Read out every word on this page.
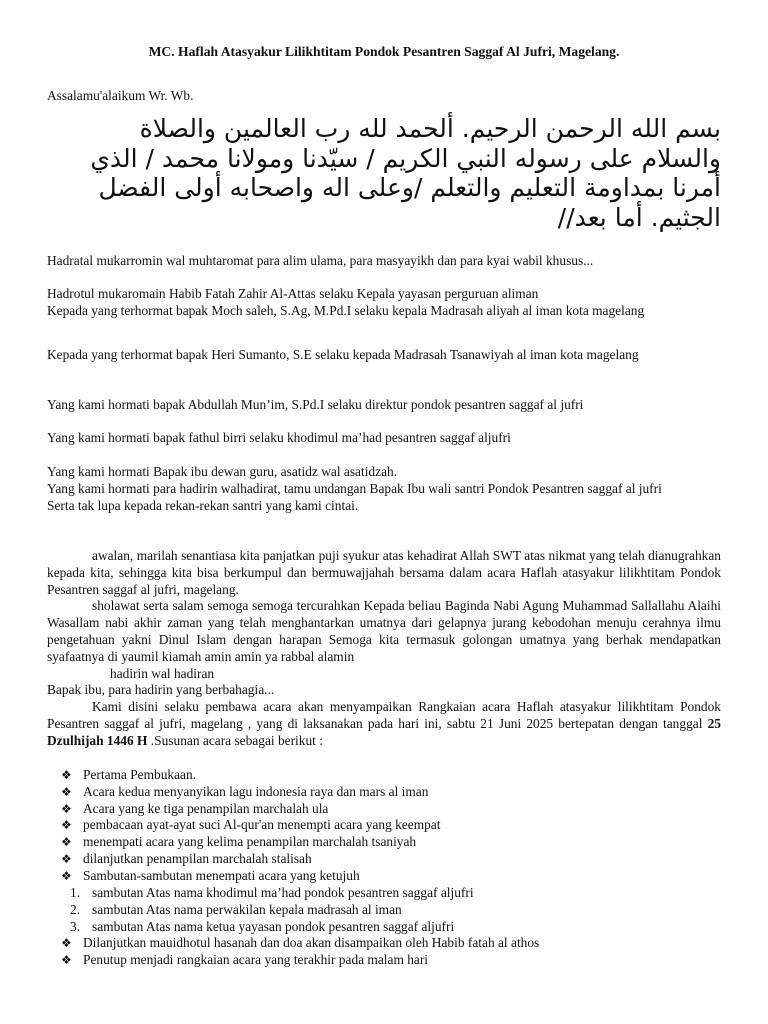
MC. Haflah Atasyakur Lilikhtitam Pondok Pesantren Saggaf Al Jufri, Magelang.
Assalamu'alaikum Wr. Wb.
بسم الله الرحمن الرحيم. ألحمد لله رب العالمين والصلاة والسلام على رسوله النبي الكريم / سيّدنا ومولانا محمد / الذي أمرنا بمداومة التعليم والتعلم /وعلى اله واصحابه أولى الفضل الجثيم. أما بعد//

Hadratal mukarromin wal muhtaromat para alim ulama, para masyayikh dan para kyai wabil khusus...

Hadrotul mukaromain Habib Fatah Zahir Al-Attas selaku Kepala yayasan perguruan aliman

Kepada yang terhormat bapak Moch saleh, S.Ag, M.Pd.I selaku kepala Madrasah aliyah al iman kota magelang

Kepada yang terhormat bapak Heri Sumanto, S.E selaku kepada Madrasah Tsanawiyah al iman kota magelang

Yang kami hormati bapak Abdullah Mun’im, S.Pd.I selaku direktur pondok pesantren saggaf al jufri

Yang kami hormati bapak fathul birri selaku khodimul ma’had pesantren saggaf aljufri

Yang kami hormati Bapak ibu dewan guru, asatidz wal asatidzah.

Yang kami hormati para hadirin walhadirat, tamu undangan Bapak Ibu wali santri Pondok Pesantren saggaf al jufri

Serta tak lupa kepada rekan-rekan santri yang kami cintai.

awalan, marilah senantiasa kita panjatkan puji syukur atas kehadirat Allah SWT atas nikmat yang telah dianugrahkan kepada kita, sehingga kita bisa berkumpul dan bermuwajjahah bersama dalam acara Haflah atasyakur lilikhtitam Pondok Pesantren saggaf al jufri, magelang.

sholawat serta salam semoga semoga tercurahkan Kepada beliau Baginda Nabi Agung Muhammad Sallallahu Alaihi Wasallam nabi akhir zaman yang telah menghantarkan umatnya dari gelapnya jurang kebodohan menuju cerahnya ilmu pengetahuan yakni Dinul Islam dengan harapan Semoga kita termasuk golongan umatnya yang berhak mendapatkan syafaatnya di yaumil kiamah amin amin ya rabbal alamin

hadirin wal hadiran

Bapak ibu, para hadirin yang berbahagia...

Kami disini selaku pembawa acara akan menyampaikan Rangkaian acara Haflah atasyakur lilikhtitam Pondok Pesantren saggaf al jufri, magelang , yang di laksanakan pada hari ini, sabtu 21 Juni 2025 bertepatan dengan tanggal 25 Dzulhijah 1446 H .Susunan acara sebagai berikut :

❖ Pertama Pembukaan.
❖ Acara kedua menyanyikan lagu indonesia raya dan mars al iman
❖ Acara yang ke tiga penampilan marchalah ula
❖ pembacaan ayat-ayat suci Al-qur'an menempti acara yang keempat
❖ menempati acara yang kelima penampilan marchalah tsaniyah
❖ dilanjutkan penampilan marchalah stalisah
❖ Sambutan-sambutan menempati acara yang ketujuh
1. sambutan Atas nama khodimul ma’had pondok pesantren saggaf aljufri
2. sambutan Atas nama perwakilan kepala madrasah al iman
3. sambutan Atas nama ketua yayasan pondok pesantren saggaf aljufri
❖ Dilanjutkan mauidhotul hasanah dan doa akan disampaikan oleh Habib fatah al athos
❖ Penutup menjadi rangkaian acara yang terakhir pada malam hari
